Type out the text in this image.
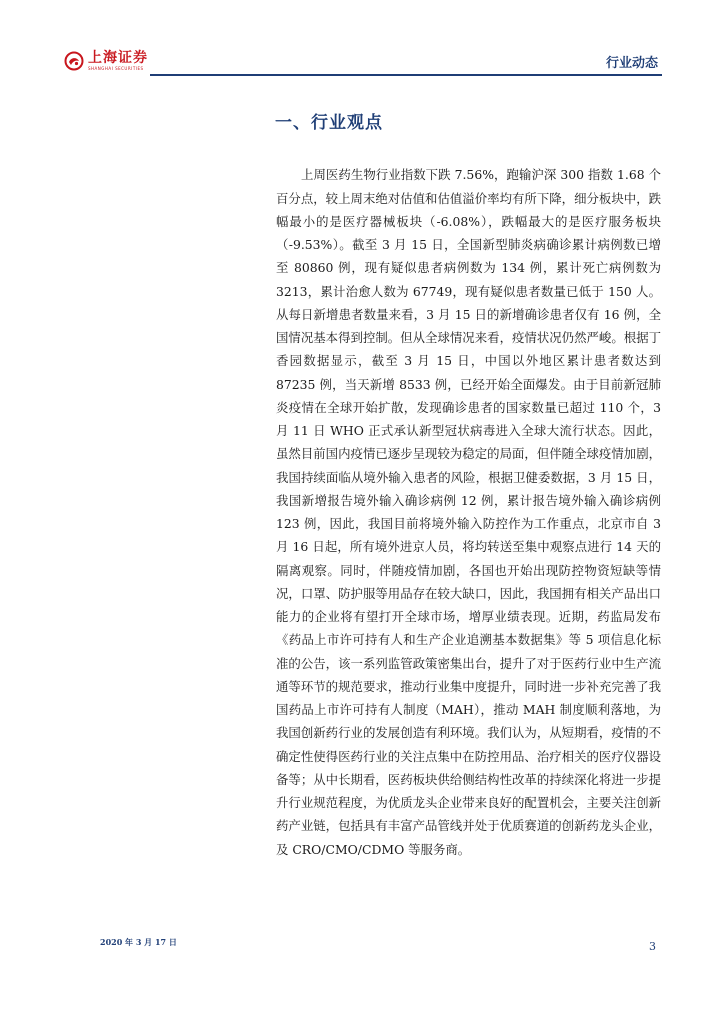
上海证券
SHANGHAI SECURITIES	行业动态
一、行业观点

上周医药生物行业指数下跌 7.56%，跑输沪深 300 指数 1.68 个百分点，较上周末绝对估值和估值溢价率均有所下降，细分板块中，跌幅最小的是医疗器械板块（-6.08%），跌幅最大的是医疗服务板块（-9.53%）。截至 3 月 15 日，全国新型肺炎病确诊累计病例数已增至 80860 例，现有疑似患者病例数为 134 例，累计死亡病例数为 3213，累计治愈人数为 67749，现有疑似患者数量已低于 150 人。从每日新增患者数量来看，3 月 15 日的新增确诊患者仅有 16 例，全国情况基本得到控制。但从全球情况来看，疫情状况仍然严峻。根据丁香园数据显示，截至 3 月 15 日，中国以外地区累计患者数达到 87235 例，当天新增 8533 例，已经开始全面爆发。由于目前新冠肺炎疫情在全球开始扩散，发现确诊患者的国家数量已超过 110 个，3 月 11 日 WHO 正式承认新型冠状病毒进入全球大流行状态。因此，虽然目前国内疫情已逐步呈现较为稳定的局面，但伴随全球疫情加剧，我国持续面临从境外输入患者的风险，根据卫健委数据，3 月 15 日，我国新增报告境外输入确诊病例 12 例，累计报告境外输入确诊病例 123 例，因此，我国目前将境外输入防控作为工作重点，北京市自 3 月 16 日起，所有境外进京人员，将均转送至集中观察点进行 14 天的隔离观察。同时，伴随疫情加剧，各国也开始出现防控物资短缺等情况，口罩、防护服等用品存在较大缺口，因此，我国拥有相关产品出口能力的企业将有望打开全球市场，增厚业绩表现。近期，药监局发布《药品上市许可持有人和生产企业追溯基本数据集》等 5 项信息化标准的公告，该一系列监管政策密集出台，提升了对于医药行业中生产流通等环节的规范要求，推动行业集中度提升，同时进一步补充完善了我国药品上市许可持有人制度（MAH），推动 MAH 制度顺利落地，为我国创新药行业的发展创造有利环境。我们认为，从短期看，疫情的不确定性使得医药行业的关注点集中在防控用品、治疗相关的医疗仪器设备等；从中长期看，医药板块供给侧结构性改革的持续深化将进一步提升行业规范程度，为优质龙头企业带来良好的配置机会，主要关注创新药产业链，包括具有丰富产品管线并处于优质赛道的创新药龙头企业，及 CRO/CMO/CDMO 等服务商。

2020 年 3 月 17 日	3
